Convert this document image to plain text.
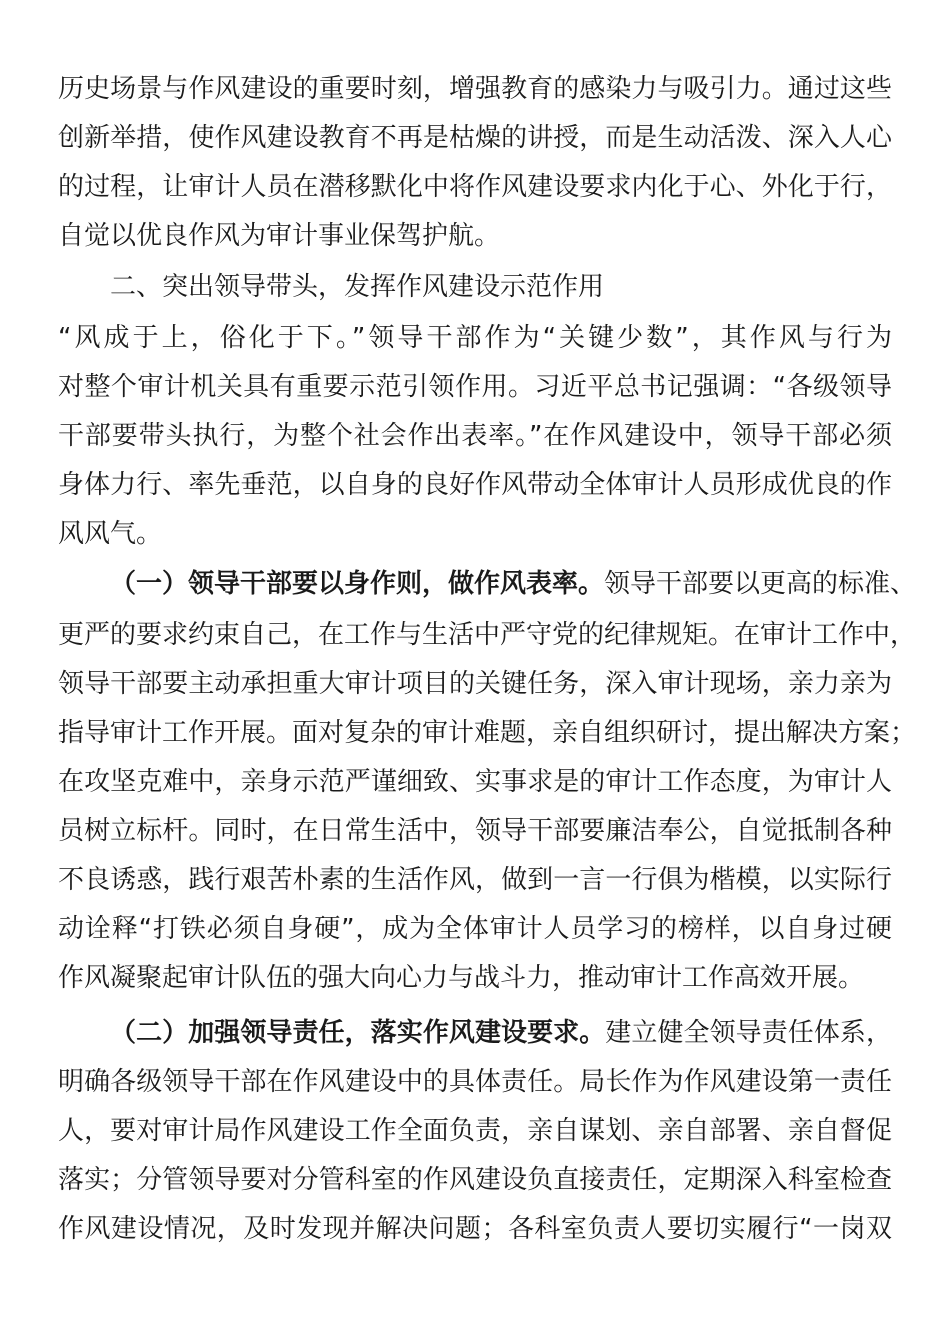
历史场景与作风建设的重要时刻，增强教育的感染力与吸引力。通过这些
创新举措，使作风建设教育不再是枯燥的讲授，而是生动活泼、深入人心
的过程，让审计人员在潜移默化中将作风建设要求内化于心、外化于行，
自觉以优良作风为审计事业保驾护航。
二、突出领导带头，发挥作风建设示范作用
“风成于上，俗化于下。”领导干部作为“关键少数”，其作风与行为
对整个审计机关具有重要示范引领作用。习近平总书记强调：“各级领导
干部要带头执行，为整个社会作出表率。”在作风建设中，领导干部必须
身体力行、率先垂范，以自身的良好作风带动全体审计人员形成优良的作
风风气。
（一）领导干部要以身作则，做作风表率。领导干部要以更高的标准、
更严的要求约束自己，在工作与生活中严守党的纪律规矩。在审计工作中，
领导干部要主动承担重大审计项目的关键任务，深入审计现场，亲力亲为
指导审计工作开展。面对复杂的审计难题，亲自组织研讨，提出解决方案；
在攻坚克难中，亲身示范严谨细致、实事求是的审计工作态度，为审计人
员树立标杆。同时，在日常生活中，领导干部要廉洁奉公，自觉抵制各种
不良诱惑，践行艰苦朴素的生活作风，做到一言一行俱为楷模，以实际行
动诠释“打铁必须自身硬”，成为全体审计人员学习的榜样，以自身过硬
作风凝聚起审计队伍的强大向心力与战斗力，推动审计工作高效开展。
（二）加强领导责任，落实作风建设要求。建立健全领导责任体系，
明确各级领导干部在作风建设中的具体责任。局长作为作风建设第一责任
人，要对审计局作风建设工作全面负责，亲自谋划、亲自部署、亲自督促
落实；分管领导要对分管科室的作风建设负直接责任，定期深入科室检查
作风建设情况，及时发现并解决问题；各科室负责人要切实履行“一岗双
